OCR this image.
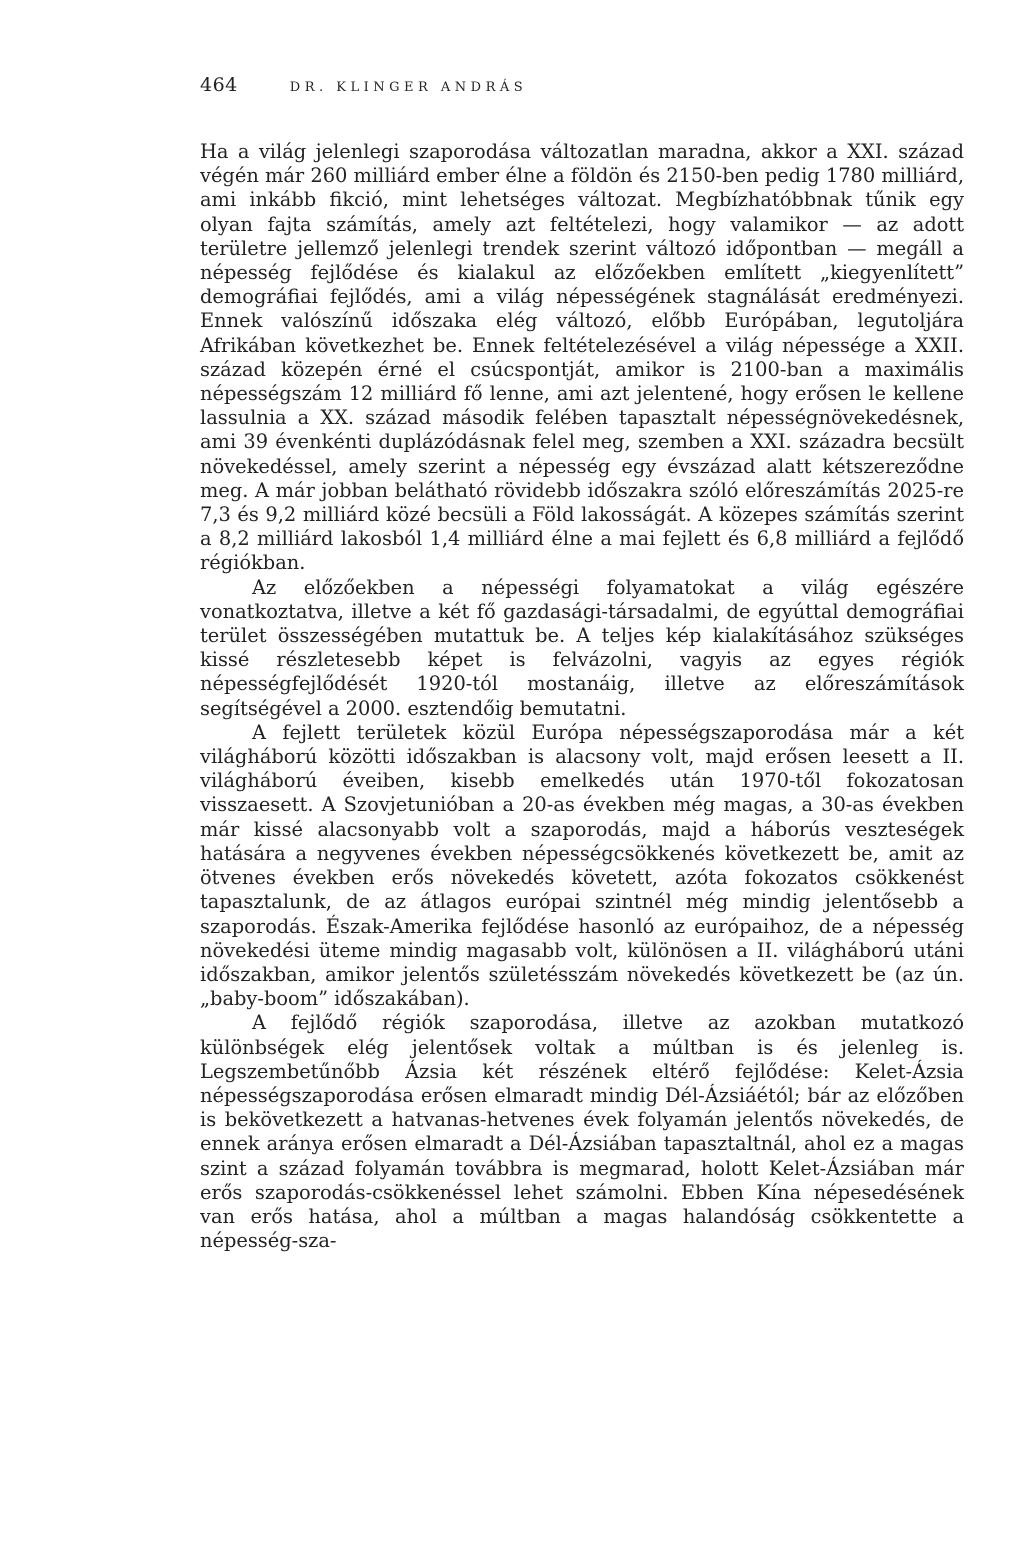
464	DR. KLINGER ANDRÁS

Ha a világ jelenlegi szaporodása változatlan maradna, akkor a XXI. század végén már 260 milliárd ember élne a földön és 2150-ben pedig 1780 milliárd, ami inkább fikció, mint lehetséges változat. Megbízhatóbbnak tűnik egy olyan fajta számítás, amely azt feltételezi, hogy valamikor — az adott területre jellemző jelenlegi trendek szerint változó időpontban — megáll a népesség fejlődése és kialakul az előzőekben említett „kiegyenlített” demográfiai fejlődés, ami a világ népességének stagnálását eredményezi. Ennek valószínű időszaka elég változó, előbb Európában, legutoljára Afrikában következhet be. Ennek feltételezésével a világ népessége a XXII. század közepén érné el csúcspontját, amikor is 2100-ban a maximális népességszám 12 milliárd fő lenne, ami azt jelentené, hogy erősen le kellene lassulnia a XX. század második felében tapasztalt népességnövekedésnek, ami 39 évenkénti duplázódásnak felel meg, szemben a XXI. századra becsült növekedéssel, amely szerint a népesség egy évszázad alatt kétszereződne meg. A már jobban belátható rövidebb időszakra szóló előreszámítás 2025-re 7,3 és 9,2 milliárd közé becsüli a Föld lakosságát. A közepes számítás szerint a 8,2 milliárd lakosból 1,4 milliárd élne a mai fejlett és 6,8 milliárd a fejlődő régiókban.

Az előzőekben a népességi folyamatokat a világ egészére vonatkoztatva, illetve a két fő gazdasági-társadalmi, de egyúttal demográfiai terület összességében mutattuk be. A teljes kép kialakításához szükséges kissé részletesebb képet is felvázolni, vagyis az egyes régiók népességfejlődését 1920-tól mostanáig, illetve az előreszámítások segítségével a 2000. esztendőig bemutatni.

A fejlett területek közül Európa népességszaporodása már a két világháború közötti időszakban is alacsony volt, majd erősen leesett a II. világháború éveiben, kisebb emelkedés után 1970-től fokozatosan visszaesett. A Szovjetunióban a 20-as években még magas, a 30-as években már kissé alacsonyabb volt a szaporodás, majd a háborús veszteségek hatására a negyvenes években népességcsökkenés következett be, amit az ötvenes években erős növekedés követett, azóta fokozatos csökkenést tapasztalunk, de az átlagos európai szintnél még mindig jelentősebb a szaporodás. Észak-Amerika fejlődése hasonló az európaihoz, de a népesség növekedési üteme mindig magasabb volt, különösen a II. világháború utáni időszakban, amikor jelentős születésszám növekedés következett be (az ún. „baby-boom” időszakában).

A fejlődő régiók szaporodása, illetve az azokban mutatkozó különbségek elég jelentősek voltak a múltban is és jelenleg is. Legszembetűnőbb Ázsia két részének eltérő fejlődése: Kelet-Ázsia népességszaporodása erősen elmaradt mindig Dél-Ázsiáétól; bár az előzőben is bekövetkezett a hatvanas-hetvenes évek folyamán jelentős növekedés, de ennek aránya erősen elmaradt a Dél-Ázsiában tapasztaltnál, ahol ez a magas szint a század folyamán továbbra is megmarad, holott Kelet-Ázsiában már erős szaporodás-csökkenéssel lehet számolni. Ebben Kína népesedésének van erős hatása, ahol a múltban a magas halandóság csökkentette a népesség-sza-
